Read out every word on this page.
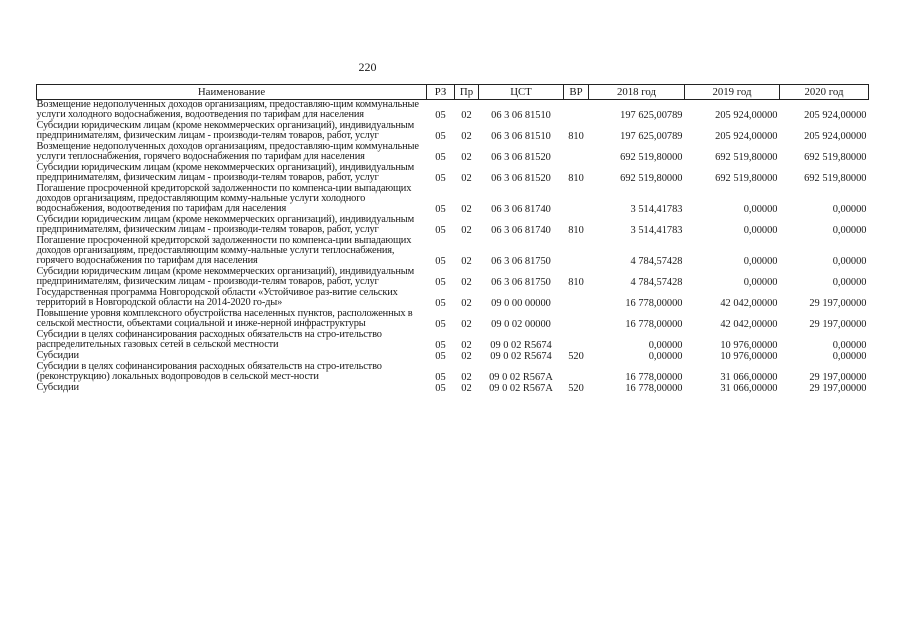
220
Наименование	РЗ	Пр	ЦСТ	ВР	2018 год	2019 год	2020 год
Возмещение недополученных доходов организациям, предоставляю-щим коммунальные услуги холодного водоснабжения, водоотведения по тарифам для населения	05	02	06 3 06 81510		197 625,00789	205 924,00000	205 924,00000
Субсидии юридическим лицам (кроме некоммерческих организаций), индивидуальным предпринимателям, физическим лицам - производи-телям товаров, работ, услуг	05	02	06 3 06 81510	810	197 625,00789	205 924,00000	205 924,00000
Возмещение недополученных доходов организациям, предоставляю-щим коммунальные услуги теплоснабжения, горячего водоснабжения по тарифам для населения	05	02	06 3 06 81520		692 519,80000	692 519,80000	692 519,80000
Субсидии юридическим лицам (кроме некоммерческих организаций), индивидуальным предпринимателям, физическим лицам - производи-телям товаров, работ, услуг	05	02	06 3 06 81520	810	692 519,80000	692 519,80000	692 519,80000
Погашение просроченной кредиторской задолженности по компенса-ции выпадающих доходов организациям, предоставляющим комму-нальные услуги холодного водоснабжения, водоотведения по тарифам для населения	05	02	06 3 06 81740		3 514,41783	0,00000	0,00000
Субсидии юридическим лицам (кроме некоммерческих организаций), индивидуальным предпринимателям, физическим лицам - производи-телям товаров, работ, услуг	05	02	06 3 06 81740	810	3 514,41783	0,00000	0,00000
Погашение просроченной кредиторской задолженности по компенса-ции выпадающих доходов организациям, предоставляющим комму-нальные услуги теплоснабжения, горячего водоснабжения по тарифам для населения	05	02	06 3 06 81750		4 784,57428	0,00000	0,00000
Субсидии юридическим лицам (кроме некоммерческих организаций), индивидуальным предпринимателям, физическим лицам - производи-телям товаров, работ, услуг	05	02	06 3 06 81750	810	4 784,57428	0,00000	0,00000
Государственная программа Новгородской области «Устойчивое раз-витие сельских территорий в Новгородской области на 2014-2020 го-ды»	05	02	09 0 00 00000		16 778,00000	42 042,00000	29 197,00000
Повышение уровня комплексного обустройства населенных пунктов, расположенных в сельской местности, объектами социальной и инже-нерной инфраструктуры	05	02	09 0 02 00000		16 778,00000	42 042,00000	29 197,00000
Субсидии в целях софинансирования расходных обязательств на стро-ительство распределительных газовых сетей в сельской местности	05	02	09 0 02 R5674		0,00000	10 976,00000	0,00000
Субсидии	05	02	09 0 02 R5674	520	0,00000	10 976,00000	0,00000
Субсидии в целях софинансирования расходных обязательств на стро-ительство (реконструкцию) локальных водопроводов в сельской мест-ности	05	02	09 0 02 R567A		16 778,00000	31 066,00000	29 197,00000
Субсидии	05	02	09 0 02 R567A	520	16 778,00000	31 066,00000	29 197,00000
